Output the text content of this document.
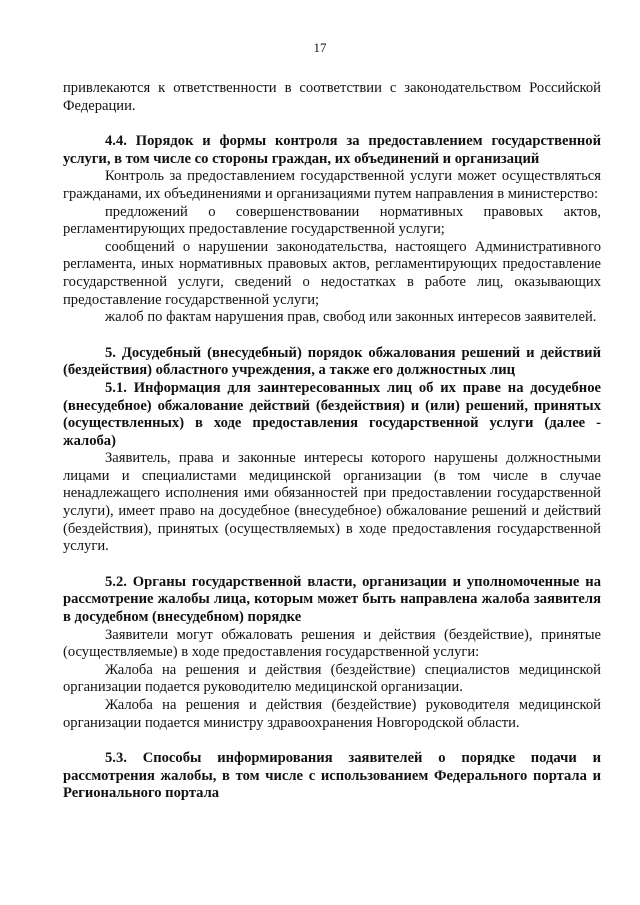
17

привлекаются к ответственности в соответствии с законодательством Российской Федерации.

4.4. Порядок и формы контроля за предоставлением государственной услуги, в том числе со стороны граждан, их объединений и организаций

Контроль за предоставлением государственной услуги может осуществляться гражданами, их объединениями и организациями путем направления в министерство:

предложений о совершенствовании нормативных правовых актов, регламентирующих предоставление государственной услуги;

сообщений о нарушении законодательства, настоящего Административного регламента, иных нормативных правовых актов, регламентирующих предоставление государственной услуги, сведений о недостатках в работе лиц, оказывающих предоставление государственной услуги;

жалоб по фактам нарушения прав, свобод или законных интересов заявителей.

5. Досудебный (внесудебный) порядок обжалования решений и действий (бездействия) областного учреждения, а также его должностных лиц

5.1. Информация для заинтересованных лиц об их праве на досудебное (внесудебное) обжалование действий (бездействия) и (или) решений, принятых (осуществленных) в ходе предоставления государственной услуги (далее - жалоба)

Заявитель, права и законные интересы которого нарушены должностными лицами и специалистами медицинской организации (в том числе в случае ненадлежащего исполнения ими обязанностей при предоставлении государственной услуги), имеет право на досудебное (внесудебное) обжалование решений и действий (бездействия), принятых (осуществляемых) в ходе предоставления государственной услуги.

5.2. Органы государственной власти, организации и уполномоченные на рассмотрение жалобы лица, которым может быть направлена жалоба заявителя в досудебном (внесудебном) порядке

Заявители могут обжаловать решения и действия (бездействие), принятые (осуществляемые) в ходе предоставления государственной услуги:

Жалоба на решения и действия (бездействие) специалистов медицинской организации подается руководителю медицинской организации.

Жалоба на решения и действия (бездействие) руководителя медицинской организации подается министру здравоохранения Новгородской области.

5.3. Способы информирования заявителей о порядке подачи и рассмотрения жалобы, в том числе с использованием Федерального портала и Регионального портала
